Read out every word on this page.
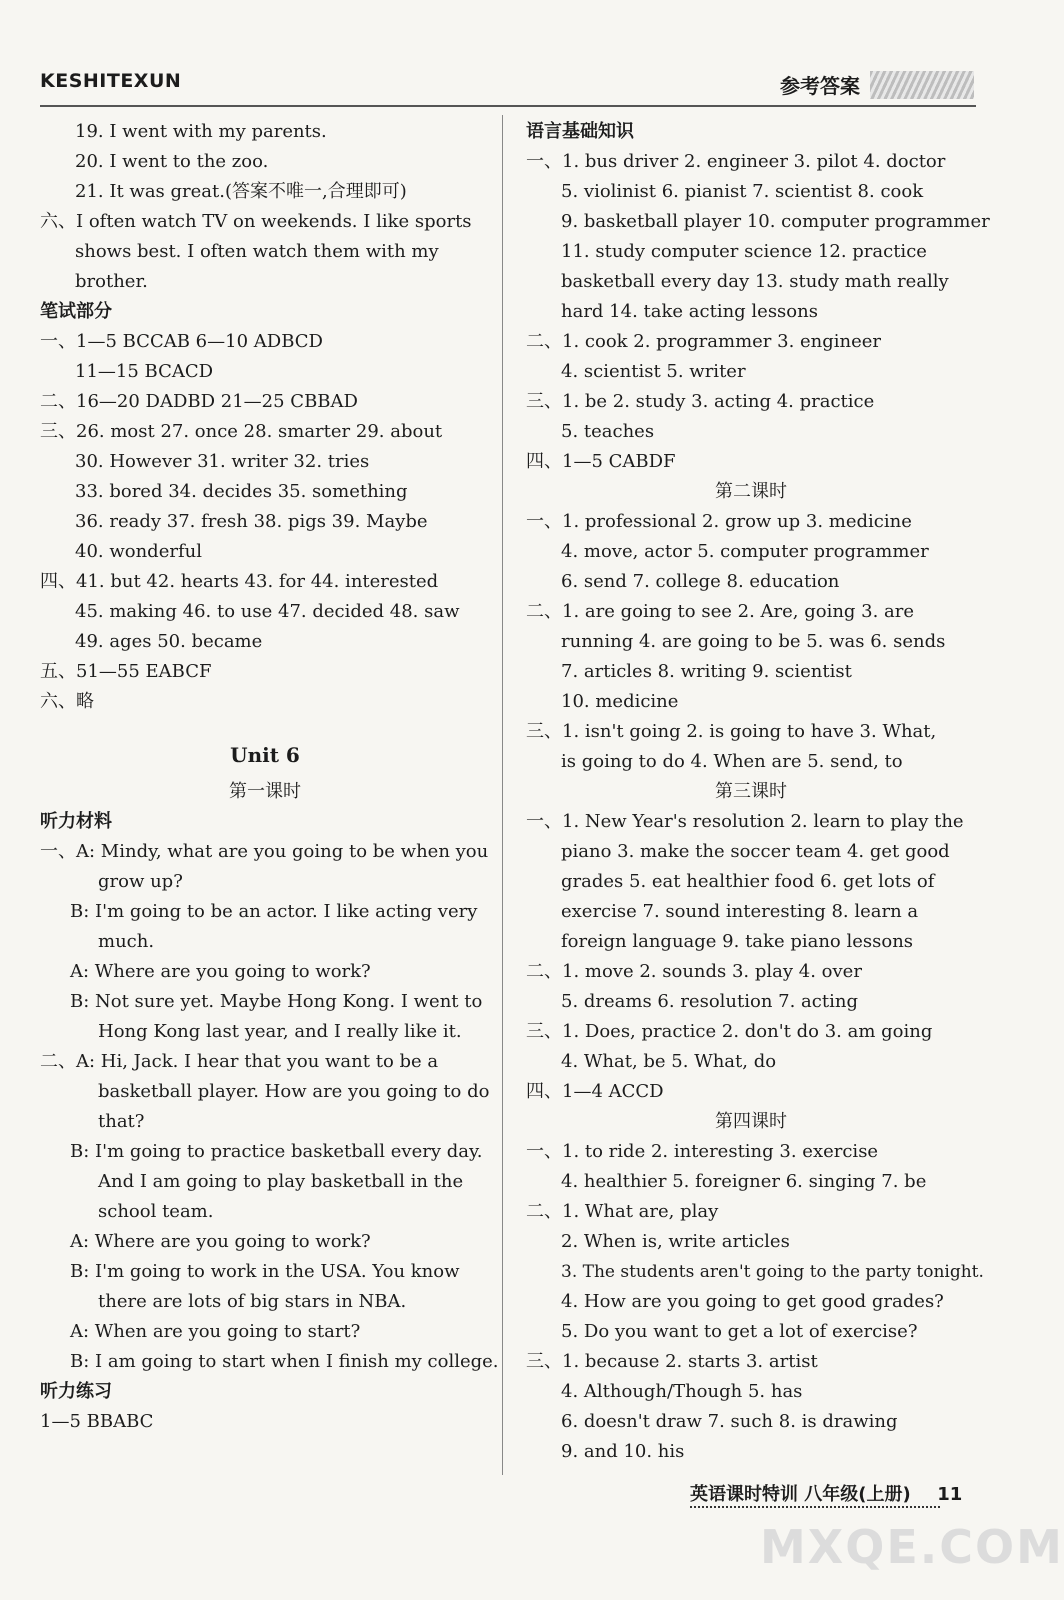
KESHITEXUN	参考答案
19. I went with my parents.
20. I went to the zoo.
21. It was great.(答案不唯一,合理即可)
六、I often watch TV on weekends. I like sports
shows best. I often watch them with my
brother.
笔试部分
一、1—5 BCCAB 6—10 ADBCD
11—15 BCACD
二、16—20 DADBD 21—25 CBBAD
三、26. most 27. once 28. smarter 29. about
30. However 31. writer 32. tries
33. bored 34. decides 35. something
36. ready 37. fresh 38. pigs 39. Maybe
40. wonderful
四、41. but 42. hearts 43. for 44. interested
45. making 46. to use 47. decided 48. saw
49. ages 50. became
五、51—55 EABCF
六、略
Unit 6
第一课时
听力材料
一、A: Mindy, what are you going to be when you
grow up?
B: I'm going to be an actor. I like acting very
much.
A: Where are you going to work?
B: Not sure yet. Maybe Hong Kong. I went to
Hong Kong last year, and I really like it.
二、A: Hi, Jack. I hear that you want to be a
basketball player. How are you going to do
that?
B: I'm going to practice basketball every day.
And I am going to play basketball in the
school team.
A: Where are you going to work?
B: I'm going to work in the USA. You know
there are lots of big stars in NBA.
A: When are you going to start?
B: I am going to start when I finish my college.
听力练习
1—5 BBABC
语言基础知识
一、1. bus driver 2. engineer 3. pilot 4. doctor
5. violinist 6. pianist 7. scientist 8. cook
9. basketball player 10. computer programmer
11. study computer science 12. practice
basketball every day 13. study math really
hard 14. take acting lessons
二、1. cook 2. programmer 3. engineer
4. scientist 5. writer
三、1. be 2. study 3. acting 4. practice
5. teaches
四、1—5 CABDF
第二课时
一、1. professional 2. grow up 3. medicine
4. move, actor 5. computer programmer
6. send 7. college 8. education
二、1. are going to see 2. Are, going 3. are
running 4. are going to be 5. was 6. sends
7. articles 8. writing 9. scientist
10. medicine
三、1. isn't going 2. is going to have 3. What,
is going to do 4. When are 5. send, to
第三课时
一、1. New Year's resolution 2. learn to play the
piano 3. make the soccer team 4. get good
grades 5. eat healthier food 6. get lots of
exercise 7. sound interesting 8. learn a
foreign language 9. take piano lessons
二、1. move 2. sounds 3. play 4. over
5. dreams 6. resolution 7. acting
三、1. Does, practice 2. don't do 3. am going
4. What, be 5. What, do
四、1—4 ACCD
第四课时
一、1. to ride 2. interesting 3. exercise
4. healthier 5. foreigner 6. singing 7. be
二、1. What are, play
2. When is, write articles
3. The students aren't going to the party tonight.
4. How are you going to get good grades?
5. Do you want to get a lot of exercise?
三、1. because 2. starts 3. artist
4. Although/Though 5. has
6. doesn't draw 7. such 8. is drawing
9. and 10. his
英语课时特训 八年级(上册) 11
MXQE.COM
